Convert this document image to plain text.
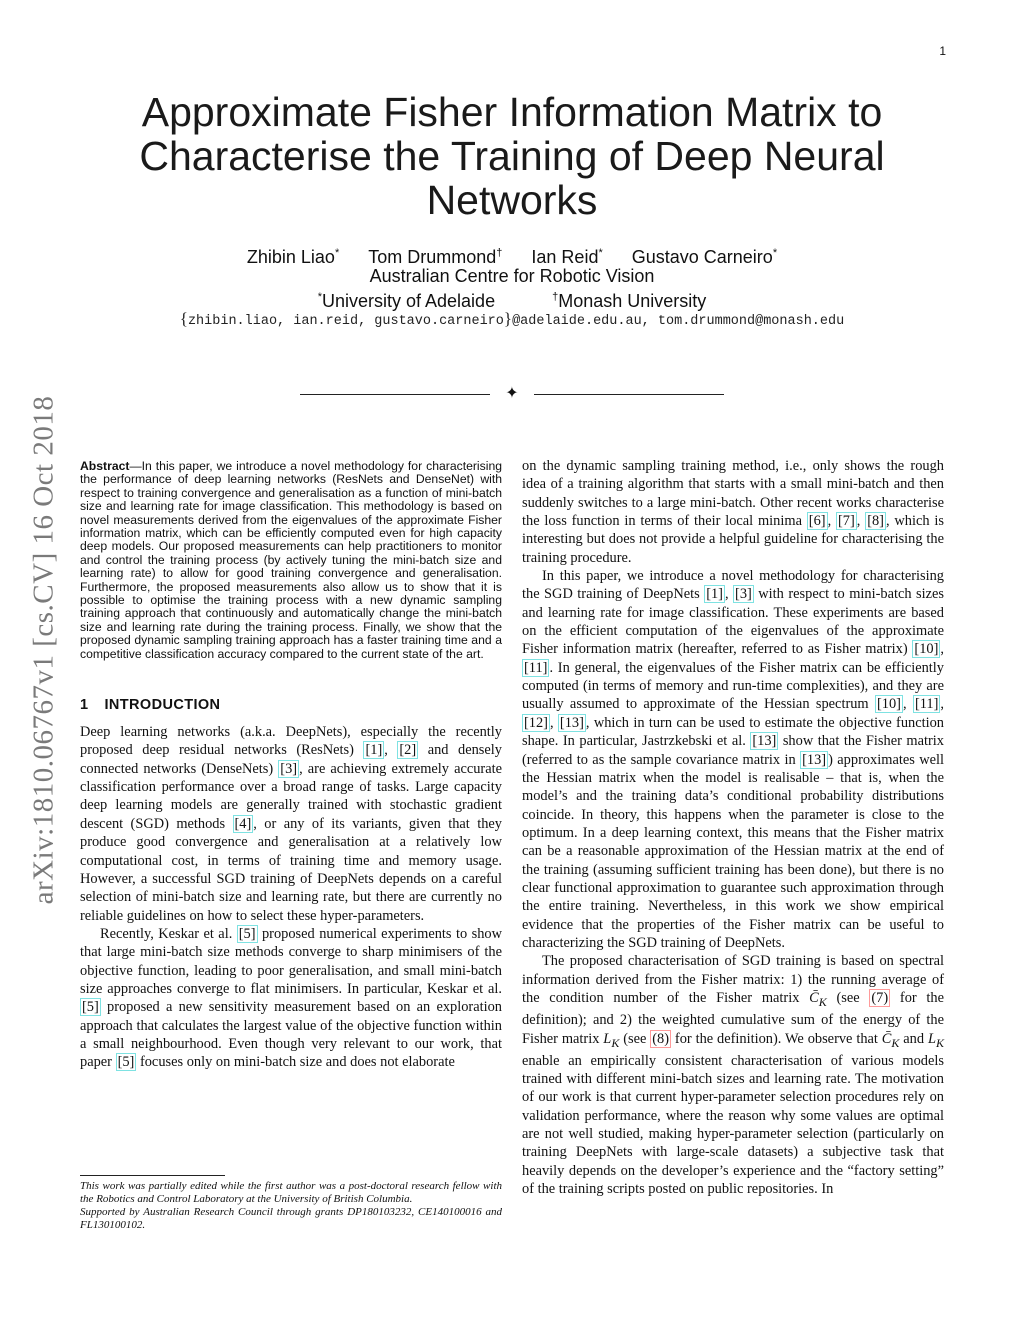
1
Approximate Fisher Information Matrix to Characterise the Training of Deep Neural Networks
Zhibin Liao* Tom Drummond† Ian Reid* Gustavo Carneiro*
Australian Centre for Robotic Vision
*University of Adelaide	†Monash University
{zhibin.liao, ian.reid, gustavo.carneiro}@adelaide.edu.au, tom.drummond@monash.edu
✦
arXiv:1810.06767v1 [cs.CV] 16 Oct 2018 Abstract—In this paper, we introduce a novel methodology for characterising the performance of deep learning networks (ResNets and DenseNet) with respect to training convergence and generalisation as a function of mini-batch size and learning rate for image classification. This methodology is based on novel measurements derived from the eigenvalues of the approximate Fisher information matrix, which can be efficiently computed even for high capacity deep models. Our proposed measurements can help practitioners to monitor and control the training process (by actively tuning the mini-batch size and learning rate) to allow for good training convergence and generalisation. Furthermore, the proposed measurements also allow us to show that it is possible to optimise the training process with a new dynamic sampling training approach that continuously and automatically change the mini-batch size and learning rate during the training process. Finally, we show that the proposed dynamic sampling training approach has a faster training time and a competitive classification accuracy compared to the current state of the art.

1 INTRODUCTION

Deep learning networks (a.k.a. DeepNets), especially the recently proposed deep residual networks (ResNets) [1] , [2] and densely connected networks (DenseNets) [3] , are achieving extremely accurate classification performance over a broad range of tasks. Large capacity deep learning models are generally trained with stochastic gradient descent (SGD) methods [4] , or any of its variants, given that they produce good convergence and generalisation at a relatively low computational cost, in terms of training time and memory usage. However, a successful SGD training of DeepNets depends on a careful selection of mini-batch size and learning rate, but there are currently no reliable guidelines on how to select these hyper-parameters.

Recently, Keskar et al. [5] proposed numerical experiments to show that large mini-batch size methods converge to sharp minimisers of the objective function, leading to poor generalisation, and small mini-batch size approaches converge to flat minimisers. In particular, Keskar et al. [5] proposed a new sensitivity measurement based on an exploration approach that calculates the largest value of the objective function within a small neighbourhood. Even though very relevant to our work, that paper [5] focuses only on mini-batch size and does not elaborate

on the dynamic sampling training method, i.e., only shows the rough idea of a training algorithm that starts with a small mini-batch and then suddenly switches to a large mini-batch. Other recent works characterise the loss function in terms of their local minima [6] , [7] , [8] , which is interesting but does not provide a helpful guideline for characterising the training procedure.

In this paper, we introduce a novel methodology for characterising the SGD training of DeepNets [1] , [3] with respect to mini-batch sizes and learning rate for image classification. These experiments are based on the efficient computation of the eigenvalues of the approximate Fisher information matrix (hereafter, referred to as Fisher matrix) [10] , [11] . In general, the eigenvalues of the Fisher matrix can be efficiently computed (in terms of memory and run-time complexities), and they are usually assumed to approximate of the Hessian spectrum [10] , [11] , [12] , [13] , which in turn can be used to estimate the objective function shape. In particular, Jastrzkebski et al. [13] show that the Fisher matrix (referred to as the sample covariance matrix in [13] ) approximates well the Hessian matrix when the model is realisable – that is, when the model’s and the training data’s conditional probability distributions coincide. In theory, this happens when the parameter is close to the optimum. In a deep learning context, this means that the Fisher matrix can be a reasonable approximation of the Hessian matrix at the end of the training (assuming sufficient training has been done), but there is no clear functional approximation to guarantee such approximation through the entire training. Nevertheless, in this work we show empirical evidence that the properties of the Fisher matrix can be useful to characterizing the SGD training of DeepNets.

The proposed characterisation of SGD training is based on spectral information derived from the Fisher matrix: 1) the running average of the condition number of the Fisher matrix $C̄_K$ (see (7) for the definition); and 2) the weighted cumulative sum of the energy of the Fisher matrix $L_K$ (see (8) for the definition). We observe that $C̄_K$ and $L_K$ enable an empirically consistent characterisation of various models trained with different mini-batch sizes and learning rate. The motivation of our work is that current hyper-parameter selection procedures rely on validation performance, where the reason why some values are optimal are not well studied, making hyper-parameter selection (particularly on training DeepNets with large-scale datasets) a subjective task that heavily depends on the developer’s experience and the “factory setting” of the training scripts posted on public repositories. In

This work was partially edited while the first author was a post-doctoral research fellow with the Robotics and Control Laboratory at the University of British Columbia.

Supported by Australian Research Council through grants DP180103232, CE140100016 and FL130100102.
